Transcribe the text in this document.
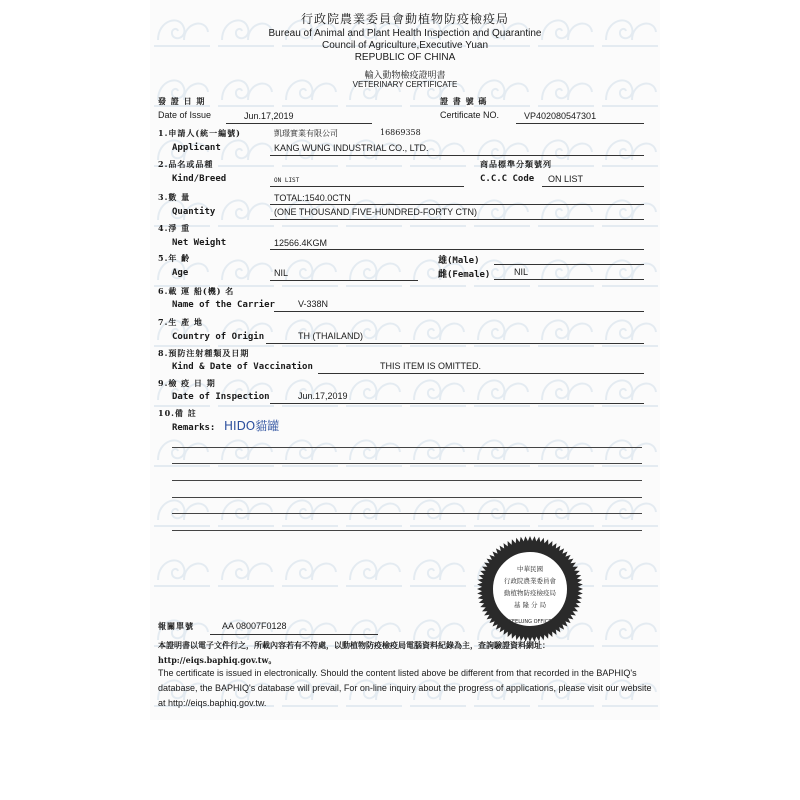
行政院農業委員會動植物防疫檢疫局
Bureau of Animal and Plant Health Inspection and Quarantine
Council of Agriculture,Executive Yuan
REPUBLIC OF CHINA
輸入動物檢疫證明書
VETERINARY CERTIFICATE
發 證 日 期
Date of Issue	Jun.17,2019
證 書 號 碼
Certificate NO.	VP402080547301
1.申請人(統一編號)
Applicant
凱璟實業有限公司	16869358
KANG WUNG INDUSTRIAL CO., LTD.
2.品名或品種
Kind/Breed	ON LIST
商品標準分類號列
C.C.C Code ON LIST
3.數 量
Quantity
TOTAL:1540.0CTN
(ONE THOUSAND FIVE-HUNDRED-FORTY CTN)
4.淨 重
Net Weight	12566.4KGM
5.年 齡
Age	NIL
雄(Male)
雌(Female)	NIL
6.載 運 船(機) 名
Name of the Carrier	V-338N
7.生 產 地
Country of Origin	TH (THAILAND)
8.預防注射種類及日期
Kind & Date of Vaccination	THIS ITEM IS OMITTED.
9.檢 疫 日 期
Date of Inspection	Jun.17,2019
10.備 註
Remarks: HIDO貓罐
中華民國
行政院農業委員會
動植物防疫檢疫局
基 隆 分 局
KEELUNG OFFICE
報關單號	AA 08007F0128
本證明書以電子文件行之，所載內容若有不符處，以動植物防疫檢疫局電腦資料紀錄為主，查詢驗證資料網址：http://eiqs.baphiq.gov.tw。
The certificate is issued in electronically. Should the content listed above be different from that recorded in the BAPHIQ's database, the BAPHIQ's database will prevail, For on-line inquiry about the progress of applications, please visit our website at http://eiqs.baphiq.gov.tw.
